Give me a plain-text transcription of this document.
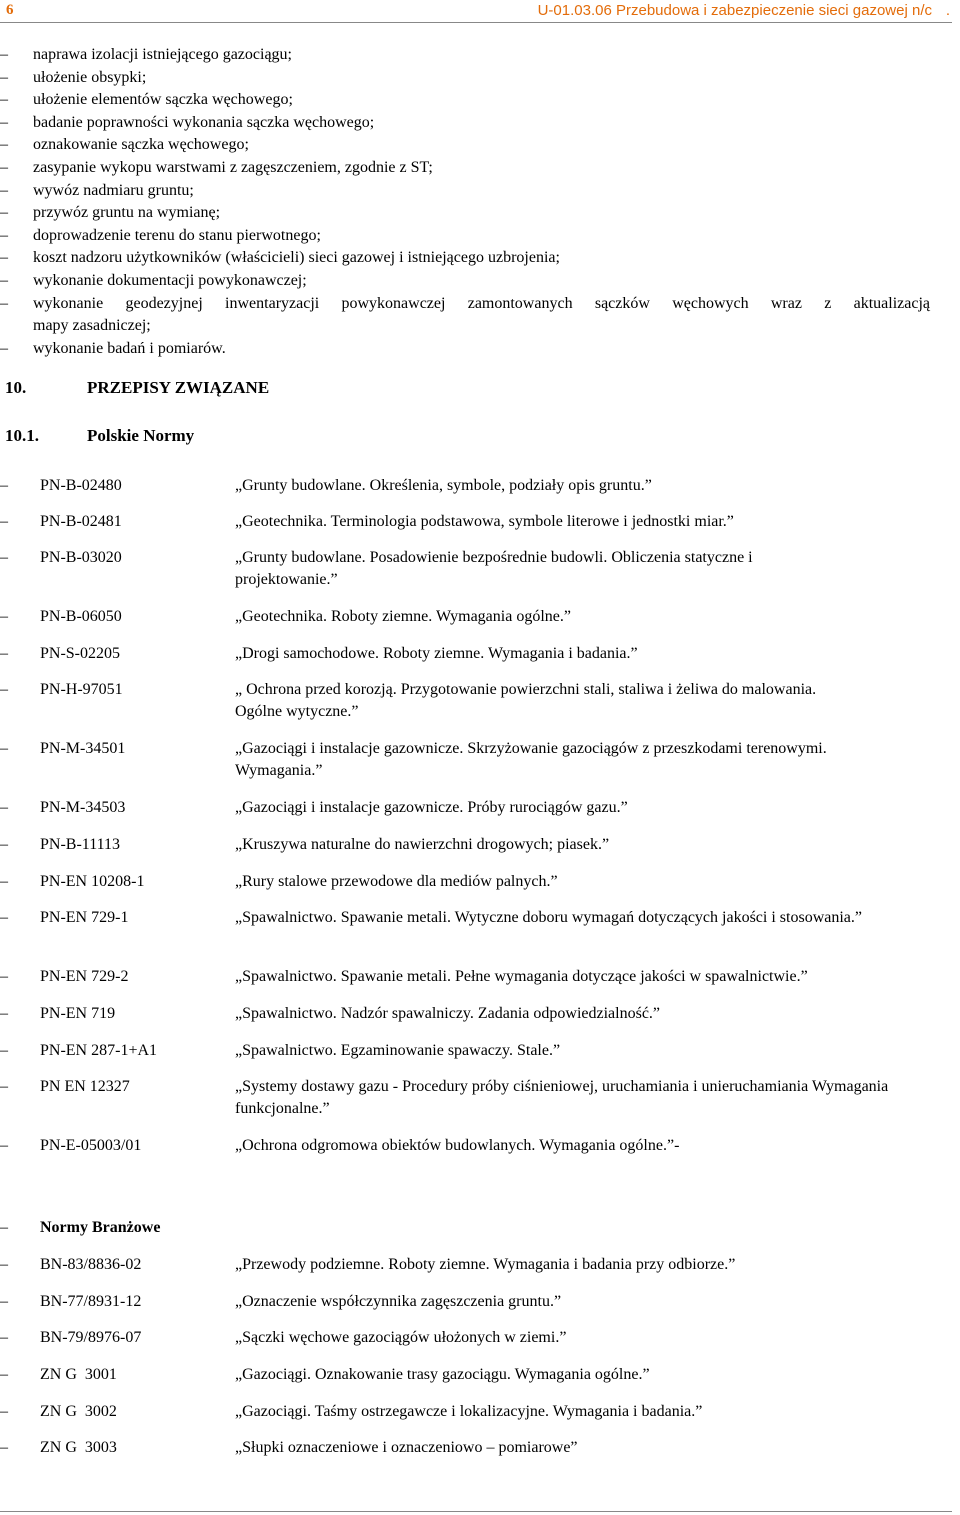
6	U-01.03.06 Przebudowa i zabezpieczenie sieci gazowej n/c .
– naprawa izolacji istniejącego gazociągu;
– ułożenie obsypki;
– ułożenie elementów sączka węchowego;
– badanie poprawności wykonania sączka węchowego;
– oznakowanie sączka węchowego;
– zasypanie wykopu warstwami z zagęszczeniem, zgodnie z ST;
– wywóz nadmiaru gruntu;
– przywóz gruntu na wymianę;
– doprowadzenie terenu do stanu pierwotnego;
– koszt nadzoru użytkowników (właścicieli) sieci gazowej i istniejącego uzbrojenia;
– wykonanie dokumentacji powykonawczej;
– wykonanie geodezyjnej inwentaryzacji powykonawczej zamontowanych sączków węchowych wraz z aktualizacją
mapy zasadniczej;
– wykonanie badań i pomiarów.
10.	PRZEPISY ZWIĄZANE
10.1.	Polskie Normy
– PN-B-02480	„Grunty budowlane. Określenia, symbole, podziały opis gruntu.”
– PN-B-02481	„Geotechnika. Terminologia podstawowa, symbole literowe i jednostki miar.”
– PN-B-03020	„Grunty budowlane. Posadowienie bezpośrednie budowli. Obliczenia statyczne i projektowanie.”
– PN-B-06050	„Geotechnika. Roboty ziemne. Wymagania ogólne.”
– PN-S-02205	„Drogi samochodowe. Roboty ziemne. Wymagania i badania.”
– PN-H-97051	„ Ochrona przed korozją. Przygotowanie powierzchni stali, staliwa i żeliwa do malowania. Ogólne wytyczne.”
– PN-M-34501	„Gazociągi i instalacje gazownicze. Skrzyżowanie gazociągów z przeszkodami terenowymi. Wymagania.”
– PN-M-34503	„Gazociągi i instalacje gazownicze. Próby rurociągów gazu.”
– PN-B-11113	„Kruszywa naturalne do nawierzchni drogowych; piasek.”
– PN-EN 10208-1	„Rury stalowe przewodowe dla mediów palnych.”
– PN-EN 729-1	„Spawalnictwo. Spawanie metali. Wytyczne doboru wymagań dotyczących jakości i stosowania.”
– PN-EN 729-2	„Spawalnictwo. Spawanie metali. Pełne wymagania dotyczące jakości w spawalnictwie.”
– PN-EN 719	„Spawalnictwo. Nadzór spawalniczy. Zadania odpowiedzialność.”
– PN-EN 287-1+A1	„Spawalnictwo. Egzaminowanie spawaczy. Stale.”
– PN EN 12327	„Systemy dostawy gazu - Procedury próby ciśnieniowej, uruchamiania i unieruchamiania Wymagania funkcjonalne.”
– PN-E-05003/01	„Ochrona odgromowa obiektów budowlanych. Wymagania ogólne.”-
– Normy Branżowe
– BN-83/8836-02	„Przewody podziemne. Roboty ziemne. Wymagania i badania przy odbiorze.”
– BN-77/8931-12	„Oznaczenie współczynnika zagęszczenia gruntu.”
– BN-79/8976-07	„Sączki węchowe gazociągów ułożonych w ziemi.”
– ZN G  3001	„Gazociągi. Oznakowanie trasy gazociągu. Wymagania ogólne.”
– ZN G  3002	„Gazociągi. Taśmy ostrzegawcze i lokalizacyjne. Wymagania i badania.”
– ZN G  3003	„Słupki oznaczeniowe i oznaczeniowo – pomiarowe”
